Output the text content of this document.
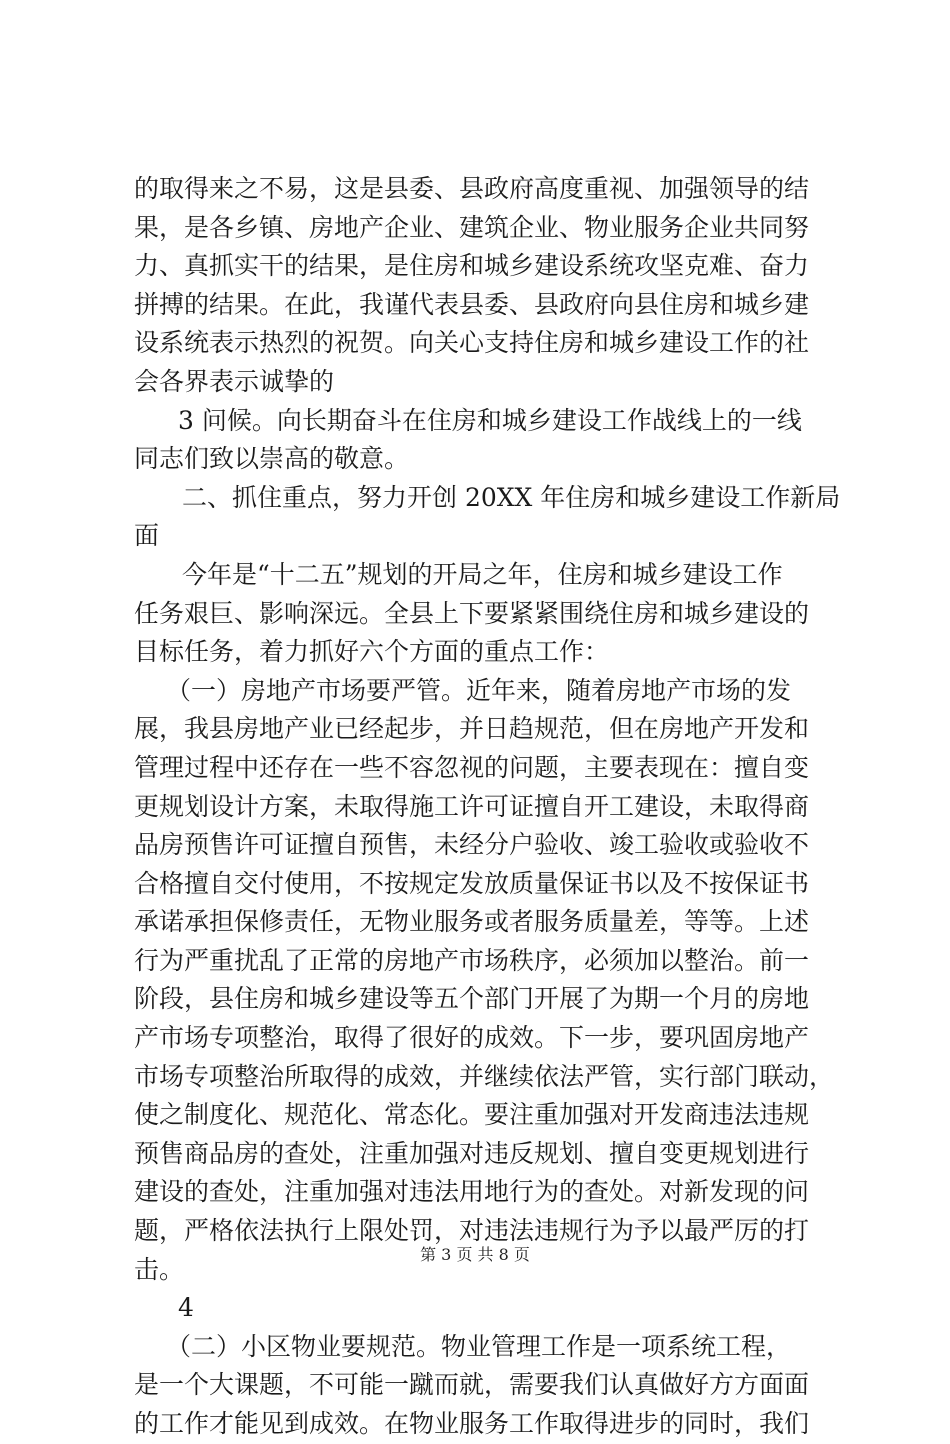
的取得来之不易，这是县委、县政府高度重视、加强领导的结
果，是各乡镇、房地产企业、建筑企业、物业服务企业共同努
力、真抓实干的结果，是住房和城乡建设系统攻坚克难、奋力
拼搏的结果。在此，我谨代表县委、县政府向县住房和城乡建
设系统表示热烈的祝贺。向关心支持住房和城乡建设工作的社
会各界表示诚挚的
3 问候。向长期奋斗在住房和城乡建设工作战线上的一线
同志们致以崇高的敬意。
二、抓住重点，努力开创 20XX 年住房和城乡建设工作新局
面
今年是“十二五”规划的开局之年，住房和城乡建设工作
任务艰巨、影响深远。全县上下要紧紧围绕住房和城乡建设的
目标任务，着力抓好六个方面的重点工作：
（一）房地产市场要严管。近年来，随着房地产市场的发
展，我县房地产业已经起步，并日趋规范，但在房地产开发和
管理过程中还存在一些不容忽视的问题，主要表现在：擅自变
更规划设计方案，未取得施工许可证擅自开工建设，未取得商
品房预售许可证擅自预售，未经分户验收、竣工验收或验收不
合格擅自交付使用，不按规定发放质量保证书以及不按保证书
承诺承担保修责任，无物业服务或者服务质量差，等等。上述
行为严重扰乱了正常的房地产市场秩序，必须加以整治。前一
阶段，县住房和城乡建设等五个部门开展了为期一个月的房地
产市场专项整治，取得了很好的成效。下一步，要巩固房地产
市场专项整治所取得的成效，并继续依法严管，实行部门联动，
使之制度化、规范化、常态化。要注重加强对开发商违法违规
预售商品房的查处，注重加强对违反规划、擅自变更规划进行
建设的查处，注重加强对违法用地行为的查处。对新发现的问
题，严格依法执行上限处罚，对违法违规行为予以最严厉的打
击。
4
（二）小区物业要规范。物业管理工作是一项系统工程，
是一个大课题，不可能一蹴而就，需要我们认真做好方方面面
的工作才能见到成效。在物业服务工作取得进步的同时，我们
第 3 页 共 8 页
